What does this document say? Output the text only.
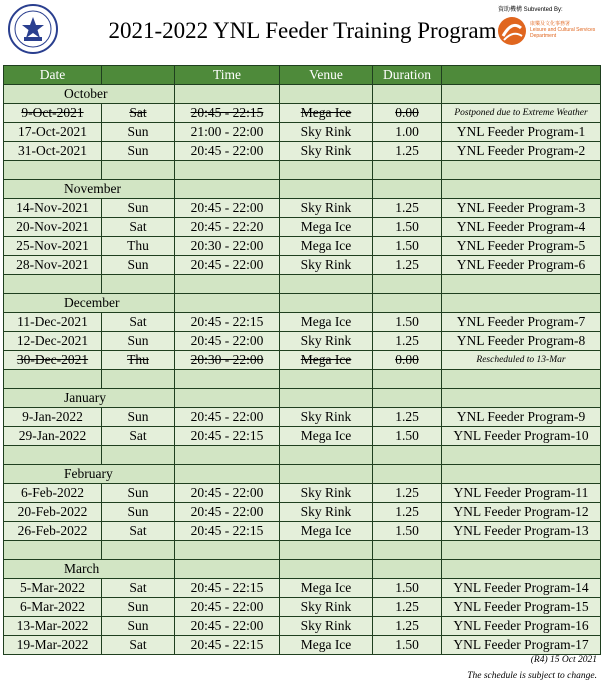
2021-2022 YNL Feeder Training Program
資助機構 Subvented By:
康樂及文化事務署
Leisure and Cultural Services Department
Date		Time	Venue	Duration	
October					
9-Oct-2021	Sat	20:45 - 22:15	Mega Ice	0.00	Postponed due to Extreme Weather
17-Oct-2021	Sun	21:00 - 22:00	Sky Rink	1.00	YNL Feeder Program-1
31-Oct-2021	Sun	20:45 - 22:00	Sky Rink	1.25	YNL Feeder Program-2

November					
14-Nov-2021	Sun	20:45 - 22:00	Sky Rink	1.25	YNL Feeder Program-3
20-Nov-2021	Sat	20:45 - 22:20	Mega Ice	1.50	YNL Feeder Program-4
25-Nov-2021	Thu	20:30 - 22:00	Mega Ice	1.50	YNL Feeder Program-5
28-Nov-2021	Sun	20:45 - 22:00	Sky Rink	1.25	YNL Feeder Program-6

December					
11-Dec-2021	Sat	20:45 - 22:15	Mega Ice	1.50	YNL Feeder Program-7
12-Dec-2021	Sun	20:45 - 22:00	Sky Rink	1.25	YNL Feeder Program-8
30-Dec-2021	Thu	20:30 - 22:00	Mega Ice	0.00	Rescheduled to 13-Mar

January					
9-Jan-2022	Sun	20:45 - 22:00	Sky Rink	1.25	YNL Feeder Program-9
29-Jan-2022	Sat	20:45 - 22:15	Mega Ice	1.50	YNL Feeder Program-10

February					
6-Feb-2022	Sun	20:45 - 22:00	Sky Rink	1.25	YNL Feeder Program-11
20-Feb-2022	Sun	20:45 - 22:00	Sky Rink	1.25	YNL Feeder Program-12
26-Feb-2022	Sat	20:45 - 22:15	Mega Ice	1.50	YNL Feeder Program-13

March					
5-Mar-2022	Sat	20:45 - 22:15	Mega Ice	1.50	YNL Feeder Program-14
6-Mar-2022	Sun	20:45 - 22:00	Sky Rink	1.25	YNL Feeder Program-15
13-Mar-2022	Sun	20:45 - 22:00	Sky Rink	1.25	YNL Feeder Program-16
19-Mar-2022	Sat	20:45 - 22:15	Mega Ice	1.50	YNL Feeder Program-17
(R4) 15 Oct 2021
The schedule is subject to change.
